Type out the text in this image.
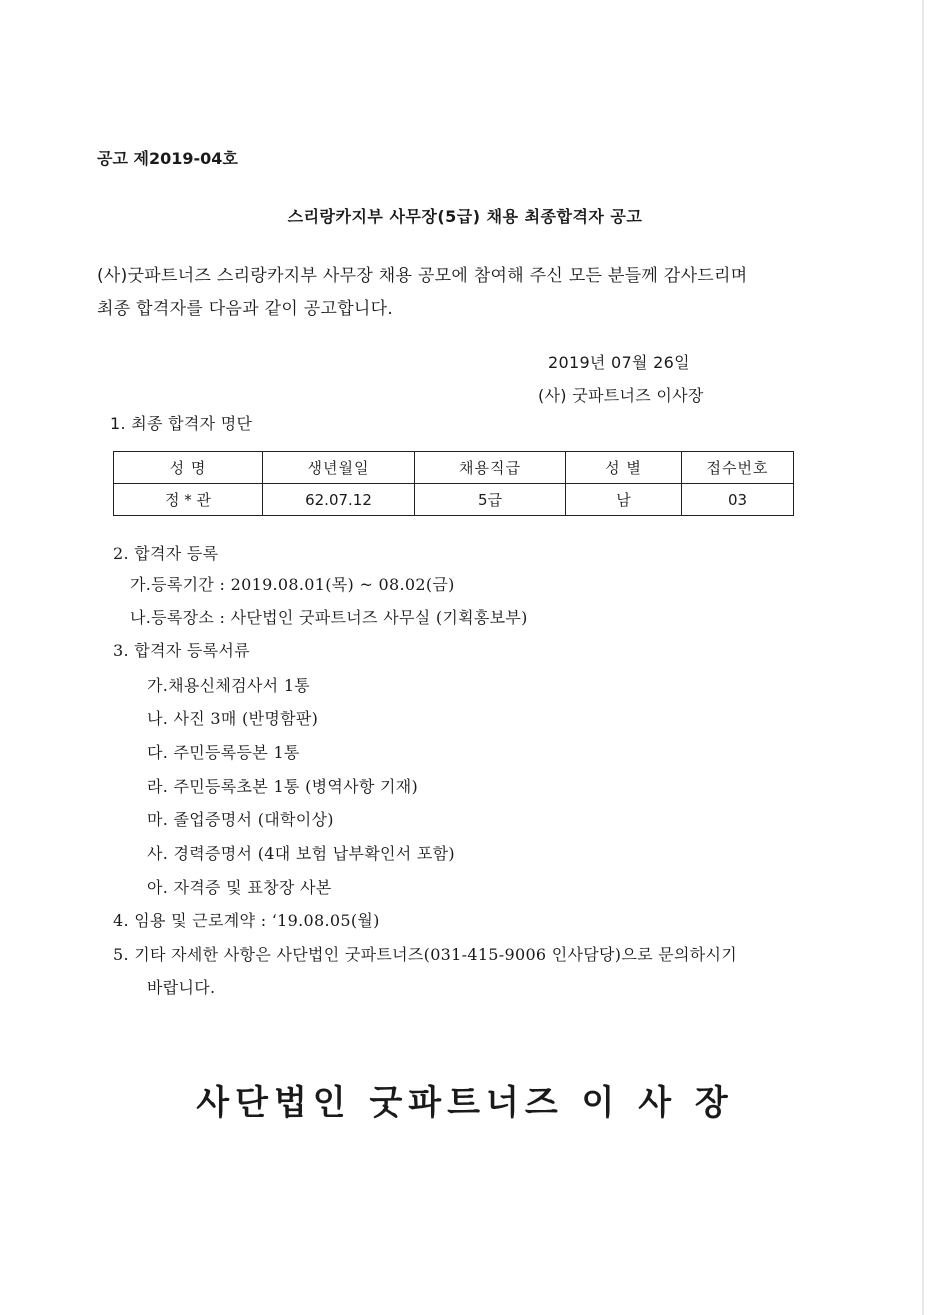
공고 제2019-04호
스리랑카지부 사무장(5급) 채용 최종합격자 공고
(사)굿파트너즈 스리랑카지부 사무장 채용 공모에 참여해 주신 모든 분들께 감사드리며
최종 합격자를 다음과 같이 공고합니다.
2019년 07월 26일
(사) 굿파트너즈 이사장
1. 최종 합격자 명단
성 명	생년월일	채용직급	성 별	접수번호
정 * 관	62.07.12	5급	남	03
2. 합격자 등록
가.등록기간 : 2019.08.01(목) ~ 08.02(금)
나.등록장소 : 사단법인 굿파트너즈 사무실 (기획홍보부)
3. 합격자 등록서류
가.채용신체검사서 1통
나. 사진 3매 (반명함판)
다. 주민등록등본 1통
라. 주민등록초본 1통 (병역사항 기재)
마. 졸업증명서 (대학이상)
사. 경력증명서 (4대 보험 납부확인서 포함)
아. 자격증 및 표창장 사본
4. 임용 및 근로계약 : ‘19.08.05(월)
5. 기타 자세한 사항은 사단법인 굿파트너즈(031-415-9006 인사담당)으로 문의하시기
바랍니다.
사단법인 굿파트너즈 이 사 장
